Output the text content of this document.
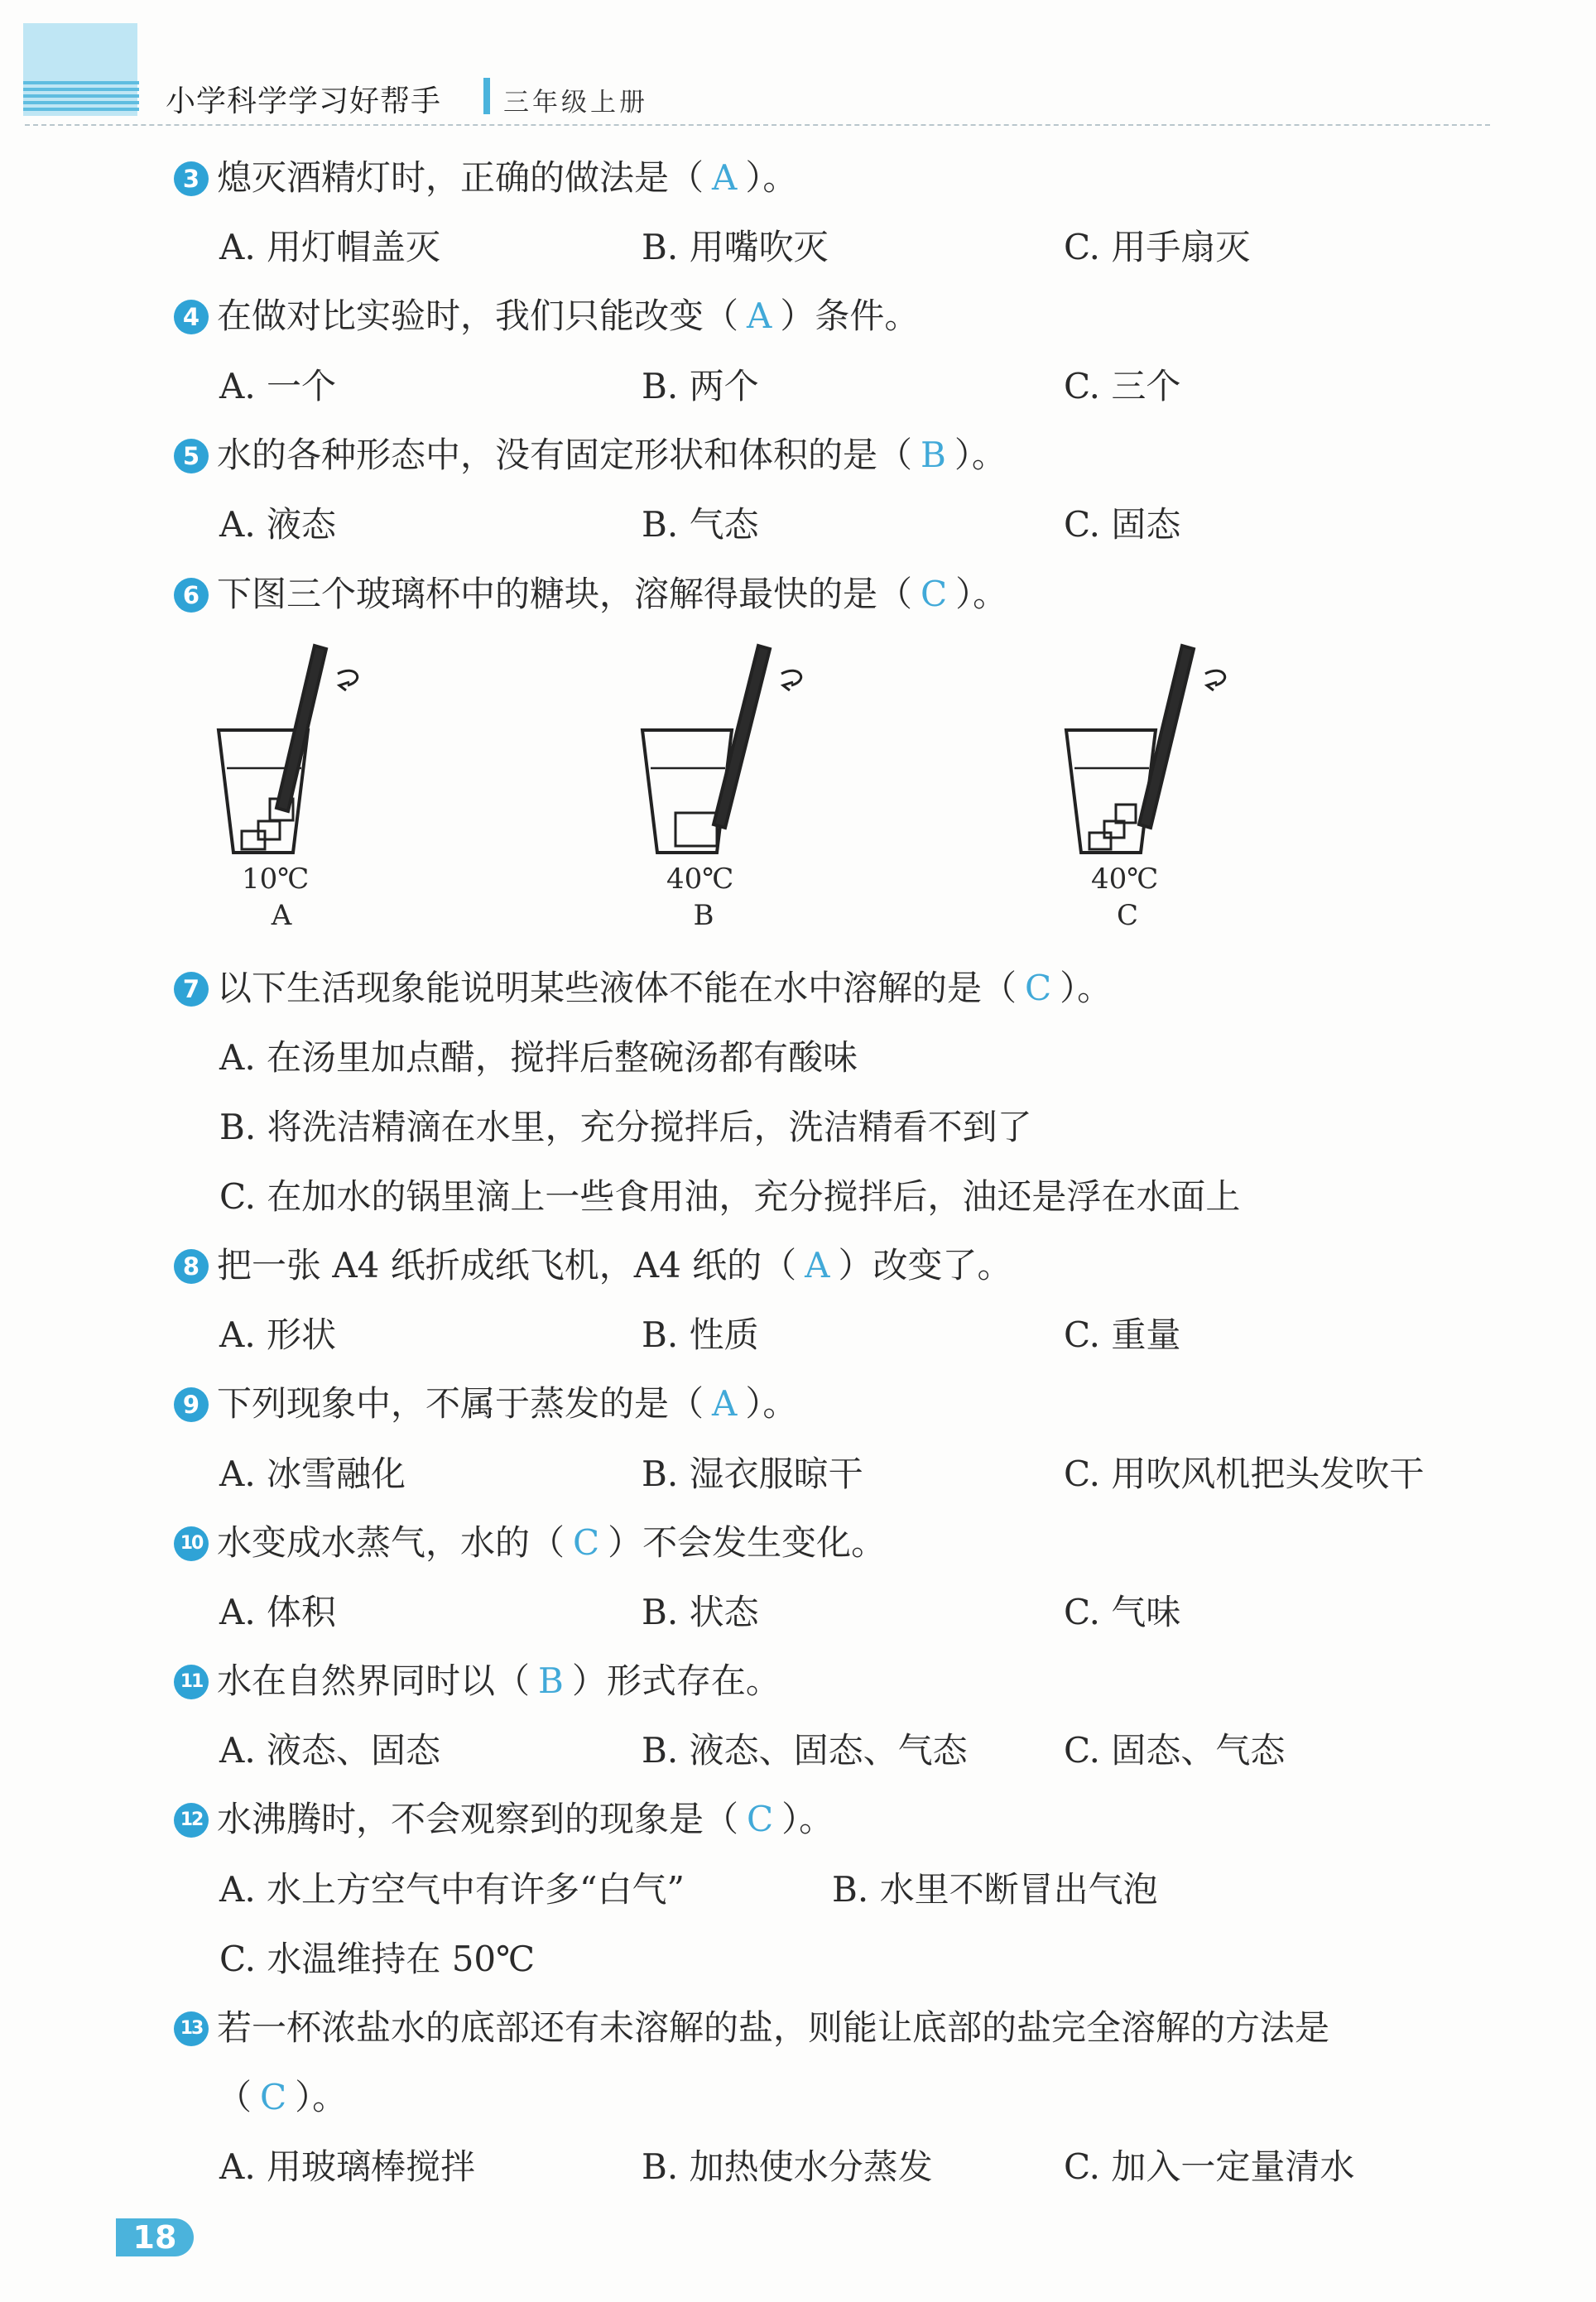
小学科学学习好帮手 三年级上册
3 熄灭酒精灯时，正确的做法是（ A ）。
A. 用灯帽盖灭	B. 用嘴吹灭	C. 用手扇灭
4 在做对比实验时，我们只能改变（ A ）条件。
A. 一个	B. 两个	C. 三个
5 水的各种形态中，没有固定形状和体积的是（ B ）。
A. 液态	B. 气态	C. 固态
6 下图三个玻璃杯中的糖块，溶解得最快的是（ C ）。
10℃
A
40℃
B
40℃
C
7 以下生活现象能说明某些液体不能在水中溶解的是（ C ）。
A. 在汤里加点醋，搅拌后整碗汤都有酸味
B. 将洗洁精滴在水里，充分搅拌后，洗洁精看不到了
C. 在加水的锅里滴上一些食用油，充分搅拌后，油还是浮在水面上
8 把一张 A4 纸折成纸飞机，A4 纸的（ A ）改变了。
A. 形状	B. 性质	C. 重量
9 下列现象中，不属于蒸发的是（ A ）。
A. 冰雪融化	B. 湿衣服晾干	C. 用吹风机把头发吹干
10 水变成水蒸气，水的（ C ）不会发生变化。
A. 体积	B. 状态	C. 气味
11 水在自然界同时以（ B ）形式存在。
A. 液态、固态	B. 液态、固态、气态	C. 固态、气态
12 水沸腾时，不会观察到的现象是（ C ）。
A. 水上方空气中有许多“白气”	B. 水里不断冒出气泡
C. 水温维持在 50℃
13 若一杯浓盐水的底部还有未溶解的盐，则能让底部的盐完全溶解的方法是
（ C ）。
A. 用玻璃棒搅拌	B. 加热使水分蒸发	C. 加入一定量清水
18
